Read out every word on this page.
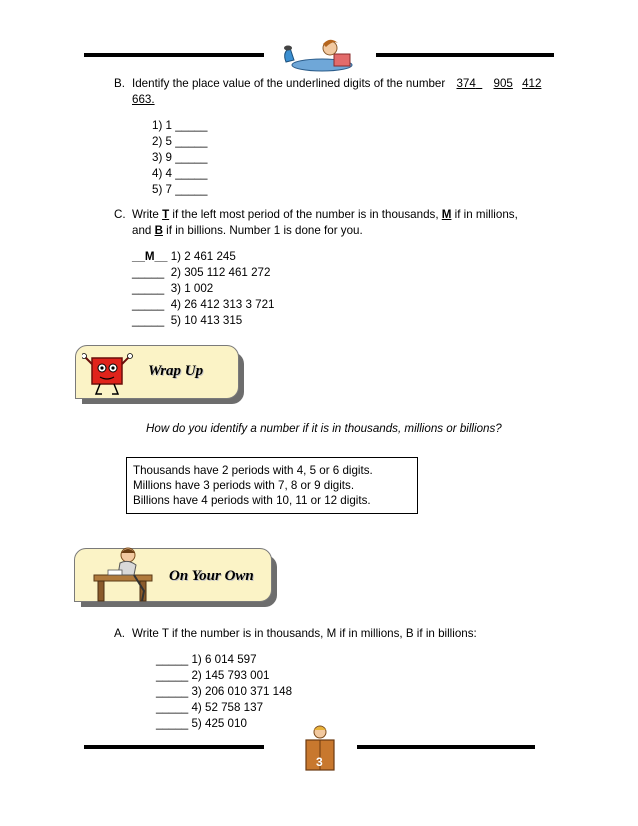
B. Identify the place value of the underlined digits of the number 374 905 412
663.
1) 1 _____
2) 5 _____
3) 9 _____
4) 4 _____
5) 7 _____
C. Write T if the left most period of the number is in thousands, M if in millions,
and B if in billions. Number 1 is done for you.
__M__ 1) 2 461 245
_____ 2) 305 112 461 272
_____ 3) 1 002
_____ 4) 26 412 313 3 721
_____ 5) 10 413 315
Wrap Up
How do you identify a number if it is in thousands, millions or billions?
Thousands have 2 periods with 4, 5 or 6 digits.
Millions have 3 periods with 7, 8 or 9 digits.
Billions have 4 periods with 10, 11 or 12 digits.
On Your Own
A. Write T if the number is in thousands, M if in millions, B if in billions:
_____ 1) 6 014 597
_____ 2) 145 793 001
_____ 3) 206 010 371 148
_____ 4) 52 758 137
_____ 5) 425 010
3
